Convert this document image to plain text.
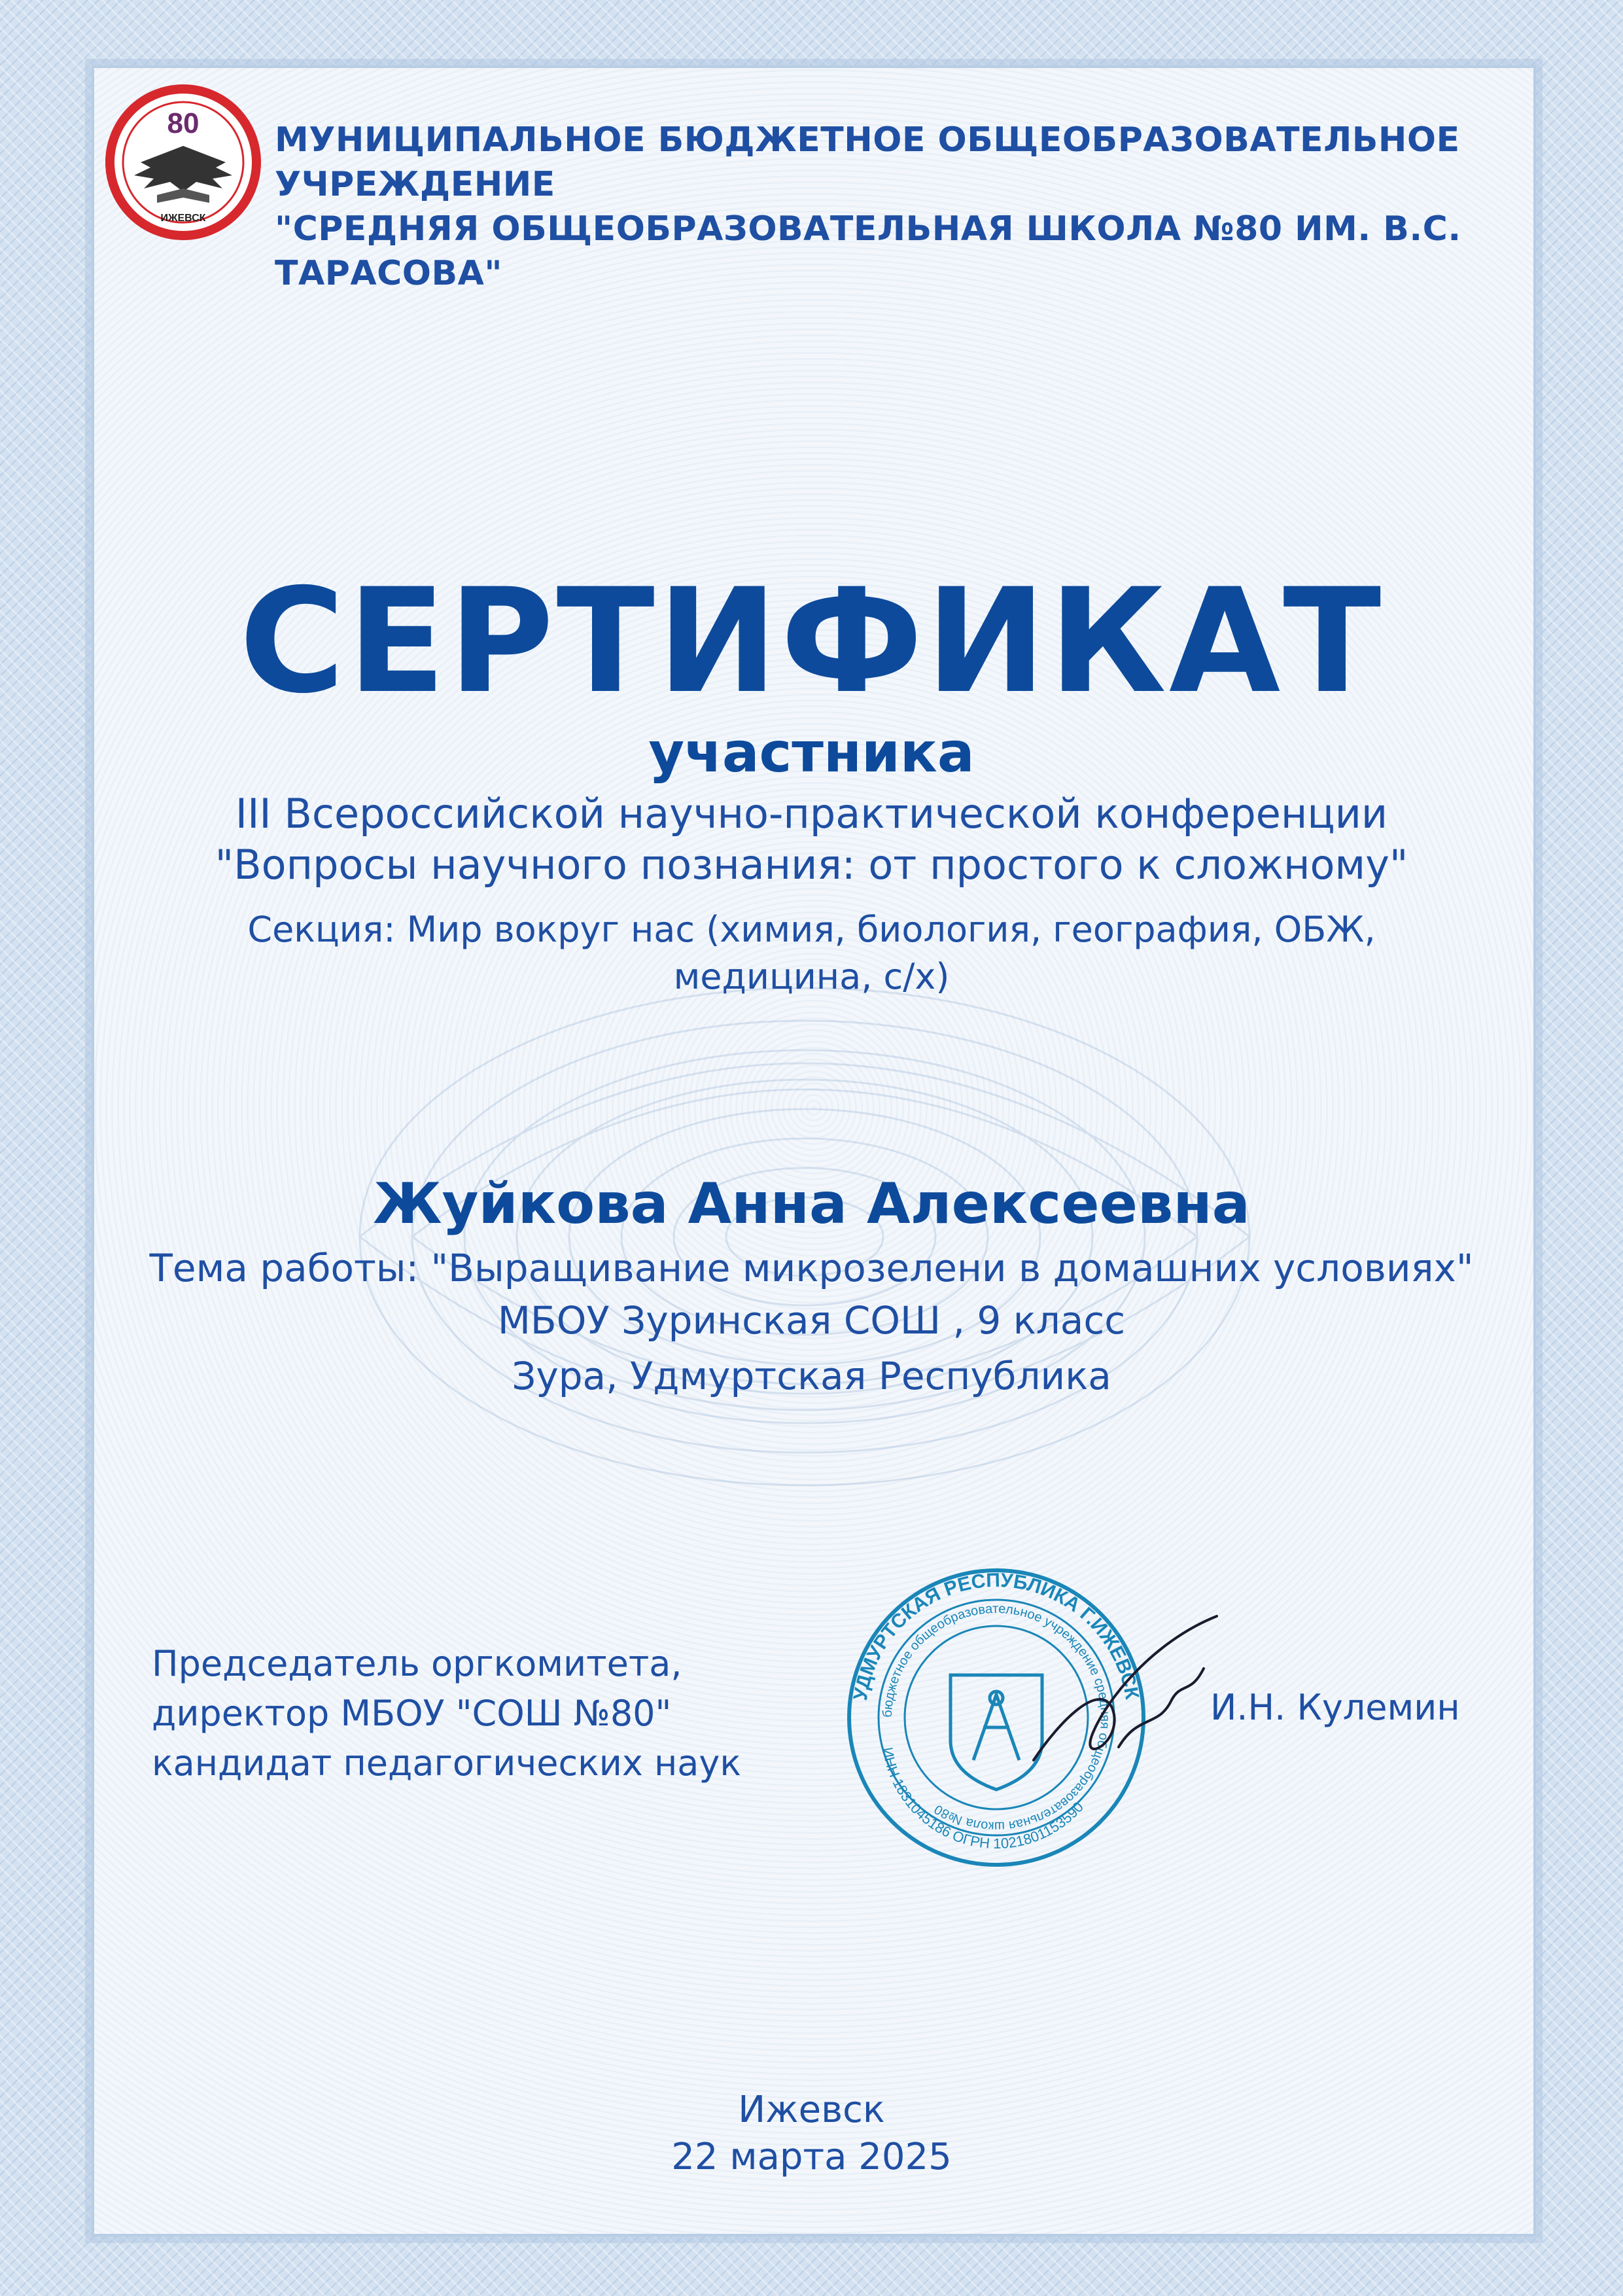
80
ИЖЕВСК
МУНИЦИПАЛЬНОЕ БЮДЖЕТНОЕ ОБЩЕОБРАЗОВАТЕЛЬНОЕ УЧРЕЖДЕНИЕ
"СРЕДНЯЯ ОБЩЕОБРАЗОВАТЕЛЬНАЯ ШКОЛА №80 ИМ. В.С. ТАРАСОВА"
СЕРТИФИКАТ
участника
III Всероссийской научно-практической конференции
"Вопросы научного познания: от простого к сложному"
Секция: Мир вокруг нас (химия, биология, география, ОБЖ,
медицина, с/х)
Жуйкова Анна Алексеевна
Тема работы: "Выращивание микрозелени в домашних условиях"
МБОУ Зуринская СОШ , 9 класс
Зура, Удмуртская Республика
Председатель оргкомитета,
директор МБОУ "СОШ №80"
кандидат педагогических наук
УДМУРТСКАЯ РЕСПУБЛИКА Г.ИЖЕВСК
бюджетное общеобразовательное учреждение средняя общеобразовательная школа №80
ИНН 1831045186 ОГРН 1021801153590
И.Н. Кулемин
Ижевск
22 марта 2025
